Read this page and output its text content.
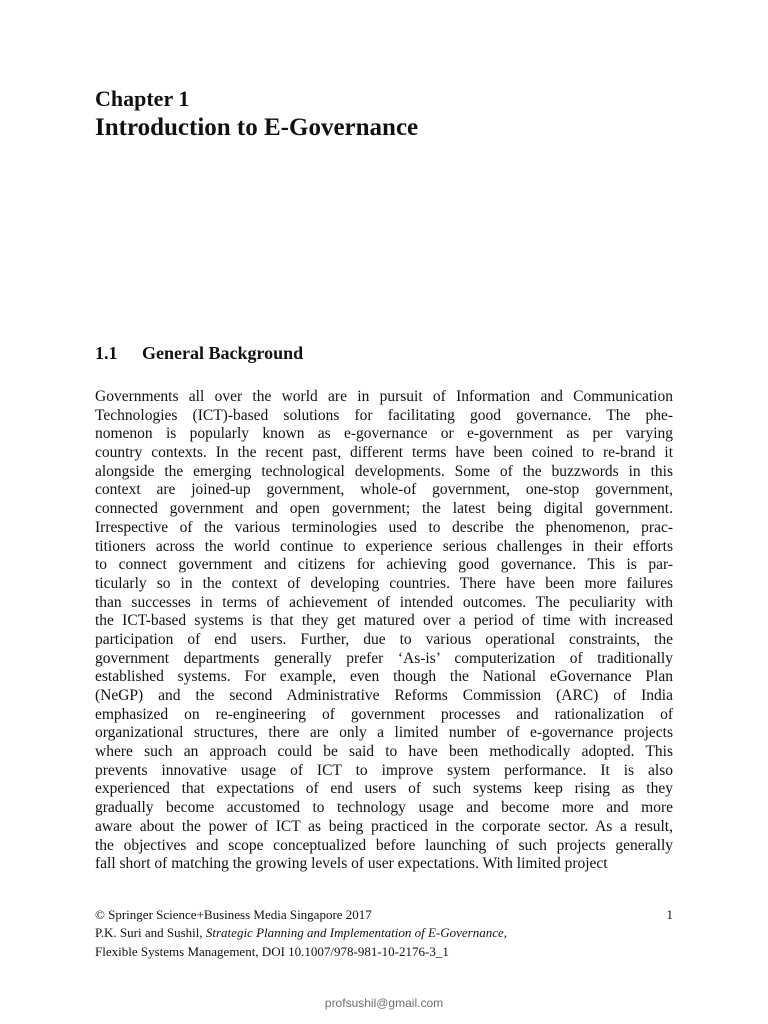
Chapter 1
Introduction to E-Governance
1.1 General Background
Governments all over the world are in pursuit of Information and Communication
Technologies (ICT)-based solutions for facilitating good governance. The phe-
nomenon is popularly known as e-governance or e-government as per varying
country contexts. In the recent past, different terms have been coined to re-brand it
alongside the emerging technological developments. Some of the buzzwords in this
context are joined-up government, whole-of government, one-stop government,
connected government and open government; the latest being digital government.
Irrespective of the various terminologies used to describe the phenomenon, prac-
titioners across the world continue to experience serious challenges in their efforts
to connect government and citizens for achieving good governance. This is par-
ticularly so in the context of developing countries. There have been more failures
than successes in terms of achievement of intended outcomes. The peculiarity with
the ICT-based systems is that they get matured over a period of time with increased
participation of end users. Further, due to various operational constraints, the
government departments generally prefer ‘As-is’ computerization of traditionally
established systems. For example, even though the National eGovernance Plan
(NeGP) and the second Administrative Reforms Commission (ARC) of India
emphasized on re-engineering of government processes and rationalization of
organizational structures, there are only a limited number of e-governance projects
where such an approach could be said to have been methodically adopted. This
prevents innovative usage of ICT to improve system performance. It is also
experienced that expectations of end users of such systems keep rising as they
gradually become accustomed to technology usage and become more and more
aware about the power of ICT as being practiced in the corporate sector. As a result,
the objectives and scope conceptualized before launching of such projects generally
fall short of matching the growing levels of user expectations. With limited project
1
© Springer Science+Business Media Singapore 2017
P.K. Suri and Sushil, Strategic Planning and Implementation of E-Governance,
Flexible Systems Management, DOI 10.1007/978-981-10-2176-3_1
profsushil@gmail.com
